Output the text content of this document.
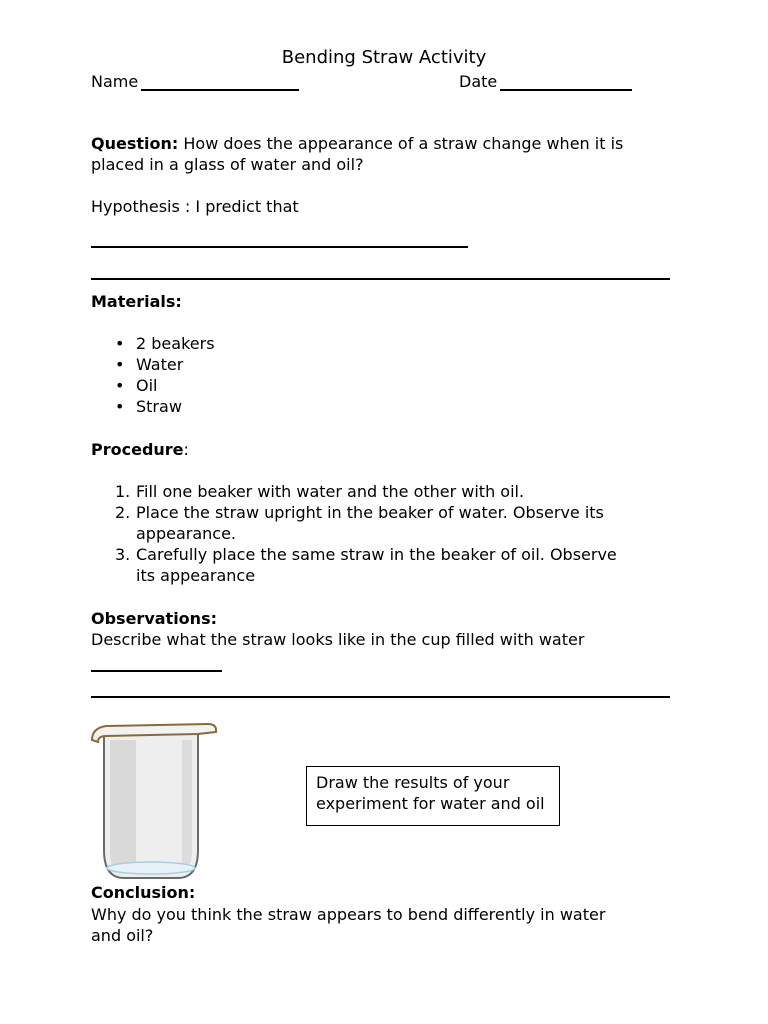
Bending Straw Activity
Name	Date
Question: How does the appearance of a straw change when it is
placed in a glass of water and oil?
Hypothesis : I predict that
Materials:
• 2 beakers
• Water
• Oil
• Straw
Procedure:
1. Fill one beaker with water and the other with oil.
2. Place the straw upright in the beaker of water. Observe its
appearance.
3. Carefully place the same straw in the beaker of oil. Observe
its appearance
Observations:
Describe what the straw looks like in the cup filled with water
Draw the results of your experiment for water and oil
Conclusion:
Why do you think the straw appears to bend differently in water
and oil?
